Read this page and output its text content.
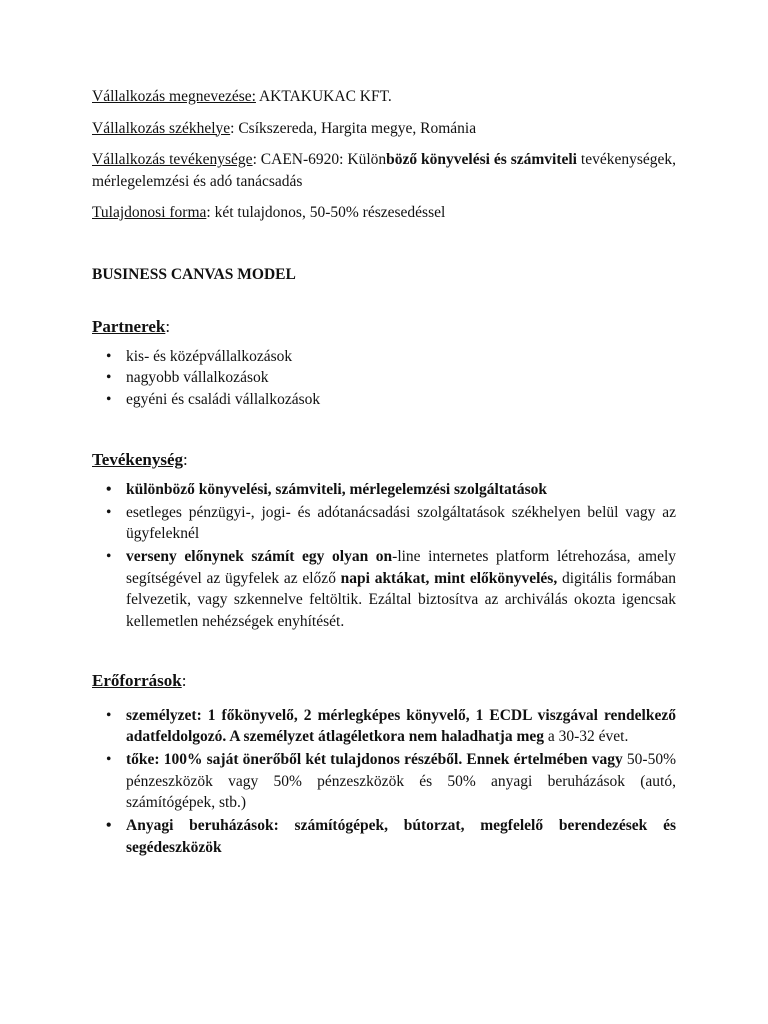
Vállalkozás megnevezése: AKTAKUKAC KFT.

Vállalkozás székhelye: Csíkszereda, Hargita megye, Románia

Vállalkozás tevékenysége: CAEN-6920: Különböző könyvelési és számviteli tevékenységek, mérlegelemzési és adó tanácsadás

Tulajdonosi forma: két tulajdonos, 50-50% részesedéssel

BUSINESS CANVAS MODEL

Partnerek:

• kis- és középvállalkozások
• nagyobb vállalkozások
• egyéni és családi vállalkozások

Tevékenység:

• különböző könyvelési, számviteli, mérlegelemzési szolgáltatások
• esetleges pénzügyi-, jogi- és adótanácsadási szolgáltatások székhelyen belül vagy az ügyfeleknél
• verseny előnynek számít egy olyan on-line internetes platform létrehozása, amely segítségével az ügyfelek az előző napi aktákat, mint előkönyvelés, digitális formában felvezetik, vagy szkennelve feltöltik. Ezáltal biztosítva az archiválás okozta igencsak kellemetlen nehézségek enyhítését.

Erőforrások:

• személyzet: 1 főkönyvelő, 2 mérlegképes könyvelő, 1 ECDL viszgával rendelkező adatfeldolgozó. A személyzet átlagéletkora nem haladhatja meg a 30-32 évet.
• tőke: 100% saját önerőből két tulajdonos részéből. Ennek értelmében vagy 50-50% pénzeszközök vagy 50% pénzeszközök és 50% anyagi beruházások (autó, számítógépek, stb.)
• Anyagi beruházások: számítógépek, bútorzat, megfelelő berendezések és segédeszközök
